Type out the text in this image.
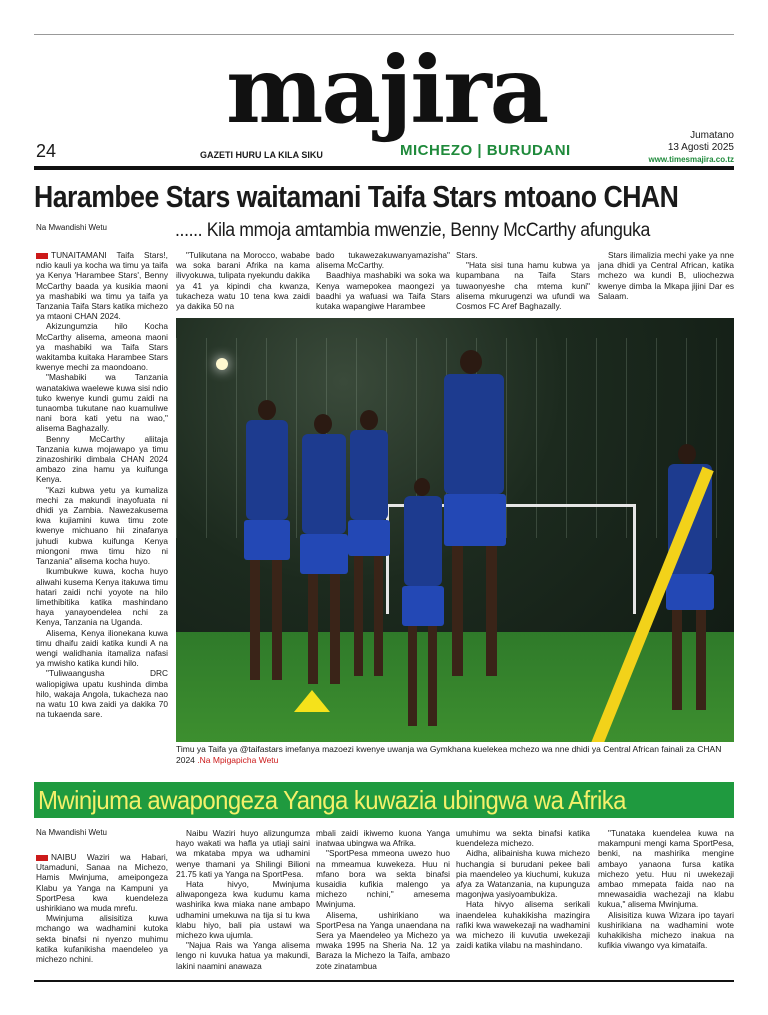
majira
24	GAZETI HURU LA KILA SIKU	MICHEZO | BURUDANI
Jumatano
13 Agosti 2025
www.timesmajira.co.tz
Harambee Stars waitamani Taifa Stars mtoano CHAN
Na Mwandishi Wetu	...... Kila mmoja amtambia mwenzie, Benny McCarthy afunguka

TUNAITAMANI Taifa Stars!, ndio kauli ya kocha wa timu ya taifa ya Kenya 'Harambee Stars', Benny McCarthy baada ya kusikia maoni ya mashabiki wa timu ya taifa ya Tanzania Taifa Stars katika michezo ya mtaoni CHAN 2024.

Akizungumzia hilo Kocha McCarthy alisema, ameona maoni ya mashabiki wa Taifa Stars wakitamba kuitaka Harambee Stars kwenye mechi za maondoano.

"Mashabiki wa Tanzania wanatakiwa waelewe kuwa sisi ndio tuko kwenye kundi gumu zaidi na tunaomba tukutane nao kuamuliwe nani bora kati yetu na wao," alisema Baghazally.

Benny McCarthy aliitaja Tanzania kuwa mojawapo ya timu zinazoshiriki dimbala CHAN 2024 ambazo zina hamu ya kuifunga Kenya.

"Kazi kubwa yetu ya kumaliza mechi za makundi inayofuata ni dhidi ya Zambia. Nawezakusema kwa kujiamini kuwa timu zote kwenye michuano hii zinafanya juhudi kubwa kuifunga Kenya miongoni mwa timu hizo ni Tanzania" alisema kocha huyo.

Ikumbukwe kuwa, kocha huyo aliwahi kusema Kenya itakuwa timu hatari zaidi nchi yoyote na hilo limethibitika katika mashindano haya yanayoendelea nchi za Kenya, Tanzania na Uganda.

Alisema, Kenya ilionekana kuwa timu dhaifu zaidi katika kundi A na wengi walidhania itamaliza nafasi ya mwisho katika kundi hilo.

"Tuliwaangusha DRC waliopigiwa upatu kushinda dimba hilo, wakaja Angola, tukacheza nao na watu 10 kwa zaidi ya dakika 70 na tukaenda sare.

"Tulikutana na Morocco, wababe wa soka barani Afrika na kama ilivyokuwa, tulipata nyekundu dakika ya 41 ya kipindi cha kwanza, tukacheza watu 10 tena kwa zaidi ya dakika 50 na

bado tukawezakuwanyamazisha" alisema McCarthy.

Baadhiya mashabiki wa soka wa Kenya wamepokea maongezi ya baadhi ya wafuasi wa Taifa Stars kutaka wapangiwe Harambee

Stars.

"Hata sisi tuna hamu kubwa ya kupambana na Taifa Stars tuwaonyeshe cha mtema kuni" alisema mkurugenzi wa ufundi wa Cosmos FC Aref Baghazally.

Stars ilimalizia mechi yake ya nne jana dhidi ya Central African, katika mchezo wa kundi B, uliochezwa kwenye dimba la Mkapa jijini Dar es Salaam.

Timu ya Taifa ya @taifastars imefanya mazoezi kwenye uwanja wa Gymkhana kuelekea mchezo wa nne dhidi ya Central African fainali za CHAN 2024 .Na Mpigapicha Wetu
Mwinjuma awapongeza Yanga kuwazia ubingwa wa Afrika
Na Mwandishi Wetu

NAIBU Waziri wa Habari, Utamaduni, Sanaa na Michezo, Hamis Mwinjuma, ameipongeza Klabu ya Yanga na Kampuni ya SportPesa kwa kuendeleza ushirikiano wa muda mrefu.

Mwinjuma alisisitiza kuwa mchango wa wadhamini kutoka sekta binafsi ni nyenzo muhimu katika kufanikisha maendeleo ya michezo nchini.

Naibu Waziri huyo alizungumza hayo wakati wa hafla ya utiaji saini wa mkataba mpya wa udhamini wenye thamani ya Shilingi Bilioni 21.75 kati ya Yanga na SportPesa.

Hata hivyo, Mwinjuma aliwapongeza kwa kudumu kama washirika kwa miaka nane ambapo udhamini umekuwa na tija si tu kwa klabu hiyo, bali pia ustawi wa michezo kwa ujumla.

"Najua Rais wa Yanga alisema lengo ni kuvuka hatua ya makundi, lakini naamini anawaza

mbali zaidi ikiwemo kuona Yanga inatwaa ubingwa wa Afrika.

"SportPesa mmeona uwezo huo na mmeamua kuwekeza. Huu ni mfano bora wa sekta binafsi kusaidia kufikia malengo ya michezo nchini," amesema Mwinjuma.

Alisema, ushirikiano wa SportPesa na Yanga unaendana na Sera ya Maendeleo ya Michezo ya mwaka 1995 na Sheria Na. 12 ya Baraza la Michezo la Taifa, ambazo zote zinatambua

umuhimu wa sekta binafsi katika kuendeleza michezo.

Aidha, alibainisha kuwa michezo huchangia si burudani pekee bali pia maendeleo ya kiuchumi, kukuza afya za Watanzania, na kupunguza magonjwa yasiyoambukiza.

Hata hivyo alisema serikali inaendelea kuhakikisha mazingira rafiki kwa wawekezaji na wadhamini wa michezo ili kuvutia uwekezaji zaidi katika vilabu na mashindano.

"Tunataka kuendelea kuwa na makampuni mengi kama SportPesa, benki, na mashirika mengine ambayo yanaona fursa katika michezo yetu. Huu ni uwekezaji ambao mmepata faida nao na mnewasaidia wachezaji na klabu kukua," alisema Mwinjuma.

Alisisitiza kuwa Wizara ipo tayari kushirikiana na wadhamini wote kuhakikisha michezo inakua na kufikia viwango vya kimataifa.
